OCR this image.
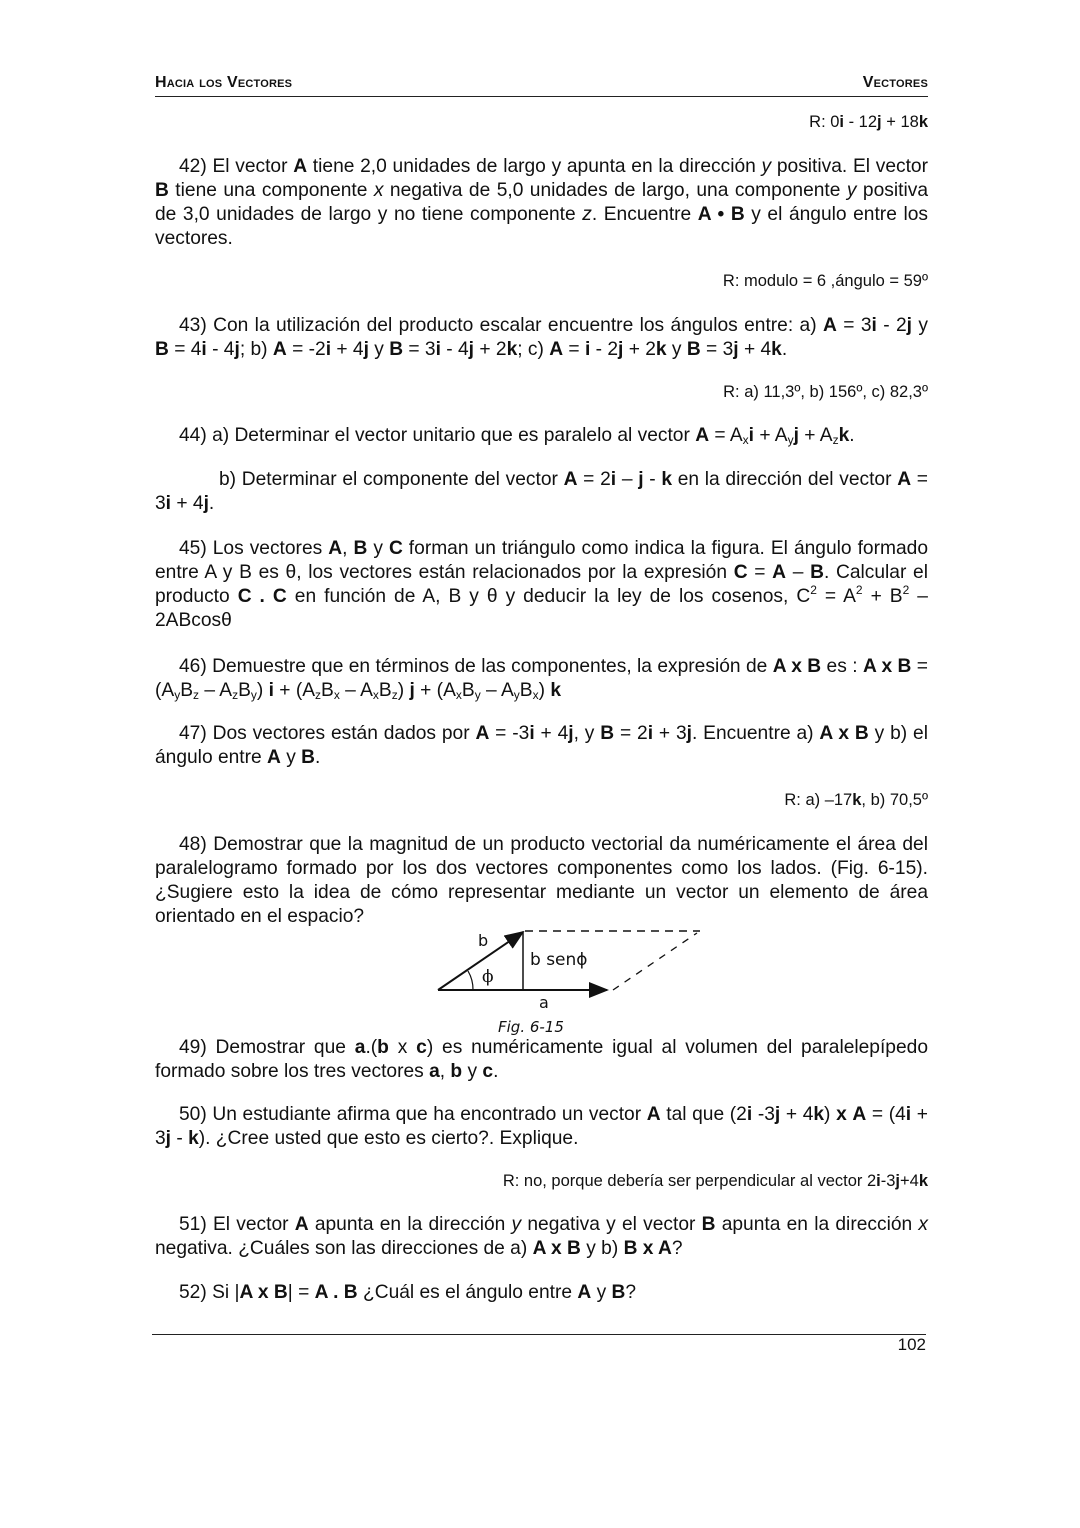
Hacia los Vectores	Vectores
R: 0i - 12j + 18k
42) El vector A tiene 2,0 unidades de largo y apunta en la dirección y positiva. El vector B tiene una componente x negativa de 5,0 unidades de largo, una componente y positiva de 3,0 unidades de largo y no tiene componente z. Encuentre A • B y el ángulo entre los vectores.
R: modulo = 6 ,ángulo = 59º
43) Con la utilización del producto escalar encuentre los ángulos entre: a) A = 3i - 2j y B = 4i - 4j; b) A = -2i + 4j y B = 3i - 4j + 2k; c) A = i - 2j + 2k y B = 3j + 4k.
R: a) 11,3º, b) 156º, c) 82,3º
44) a) Determinar el vector unitario que es paralelo al vector $A = A_xi + A_yj + A_zk$.
b) Determinar el componente del vector A = 2i – j - k en la dirección del vector A = 3i + 4j.
45) Los vectores A, B y C forman un triángulo como indica la figura. El ángulo formado entre A y B es θ, los vectores están relacionados por la expresión C = A – B. Calcular el producto C . C en función de A, B y θ y deducir la ley de los cosenos, $C^2 = A^2 + B^2 - 2ABcos\theta$
46) Demuestre que en términos de las componentes, la expresión de A x B es : A x $B = (A_yB_z - A_zB_y) i + (A_zB_x - A_xB_z) j + (A_xB_y - A_yB_x)$ k
47) Dos vectores están dados por A = -3i + 4j, y B = 2i + 3j. Encuentre a) A x B y b) el ángulo entre A y B.
R: a) –17k, b) 70,5º
48) Demostrar que la magnitud de un producto vectorial da numéricamente el área del paralelogramo formado por los dos vectores componentes como los lados. (Fig. 6-15). ¿Sugiere esto la idea de cómo representar mediante un vector un elemento de área orientado en el espacio?
49) Demostrar que a.(b x c) es numéricamente igual al volumen del paralelepípedo formado sobre los tres vectores a, b y c.
50) Un estudiante afirma que ha encontrado un vector A tal que (2i -3j + 4k) x A = (4i + 3j - k). ¿Cree usted que esto es cierto?. Explique.
R: no, porque debería ser perpendicular al vector 2i-3j+4k
51) El vector A apunta en la dirección y negativa y el vector B apunta en la dirección x negativa. ¿Cuáles son las direcciones de a) A x B y b) B x A?
52) Si |A x B| = A . B ¿Cuál es el ángulo entre A y B?
b
ϕ
b senϕ
a
Fig. 6-15
102
